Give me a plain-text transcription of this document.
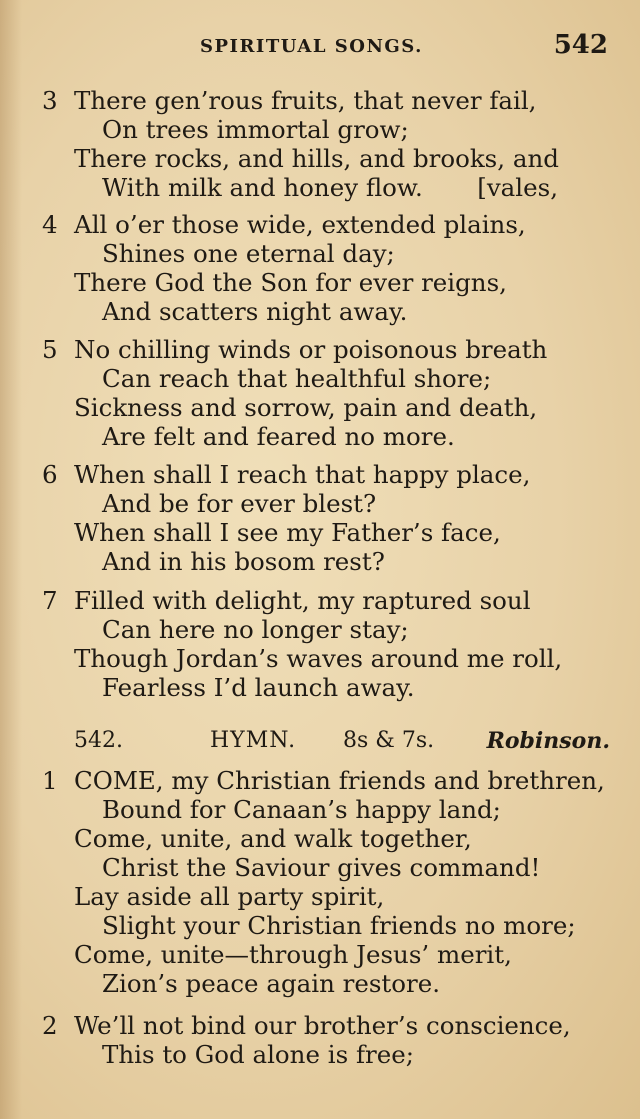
SPIRITUAL SONGS.	542
3 There gen’rous fruits, that never fail,
On trees immortal grow;
There rocks, and hills, and brooks, and
With milk and honey flow.       [vales,
4 All o’er those wide, extended plains,
Shines one eternal day;
There God the Son for ever reigns,
And scatters night away.
5 No chilling winds or poisonous breath
Can reach that healthful shore;
Sickness and sorrow, pain and death,
Are felt and feared no more.
6 When shall I reach that happy place,
And be for ever blest?
When shall I see my Father’s face,
And in his bosom rest?
7 Filled with delight, my raptured soul
Can here no longer stay;
Though Jordan’s waves around me roll,
Fearless I’d launch away.
542.	HYMN. 8s & 7s. Robinson.
1 COME, my Christian friends and brethren,
Bound for Canaan’s happy land;
Come, unite, and walk together,
Christ the Saviour gives command!
Lay aside all party spirit,
Slight your Christian friends no more;
Come, unite—through Jesus’ merit,
Zion’s peace again restore.
2 We’ll not bind our brother’s conscience,
This to God alone is free;
